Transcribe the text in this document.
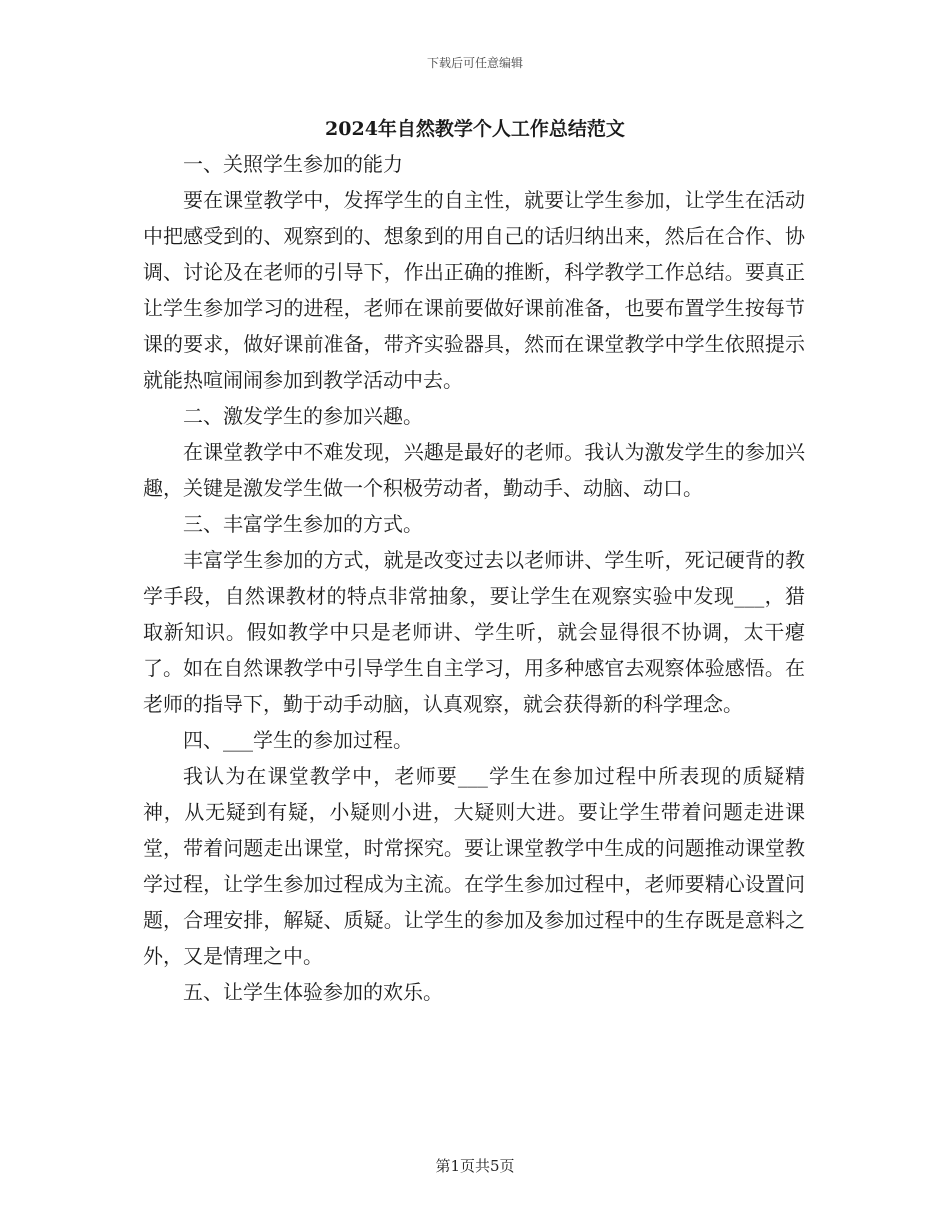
下载后可任意编辑
2024年自然教学个人工作总结范文

一、关照学生参加的能力

要在课堂教学中，发挥学生的自主性，就要让学生参加，让学生在活动中把感受到的、观察到的、想象到的用自己的话归纳出来，然后在合作、协调、讨论及在老师的引导下，作出正确的推断，科学教学工作总结。要真正让学生参加学习的进程，老师在课前要做好课前准备，也要布置学生按每节课的要求，做好课前准备，带齐实验器具，然而在课堂教学中学生依照提示就能热喧闹闹参加到教学活动中去。

二、激发学生的参加兴趣。

在课堂教学中不难发现，兴趣是最好的老师。我认为激发学生的参加兴趣，关键是激发学生做一个积极劳动者，勤动手、动脑、动口。

三、丰富学生参加的方式。

丰富学生参加的方式，就是改变过去以老师讲、学生听，死记硬背的教学手段，自然课教材的特点非常抽象，要让学生在观察实验中发现___，猎取新知识。假如教学中只是老师讲、学生听，就会显得很不协调，太干瘪了。如在自然课教学中引导学生自主学习，用多种感官去观察体验感悟。在老师的指导下，勤于动手动脑，认真观察，就会获得新的科学理念。

四、___学生的参加过程。

我认为在课堂教学中，老师要___学生在参加过程中所表现的质疑精神，从无疑到有疑，小疑则小进，大疑则大进。要让学生带着问题走进课堂，带着问题走出课堂，时常探究。要让课堂教学中生成的问题推动课堂教学过程，让学生参加过程成为主流。在学生参加过程中，老师要精心设置问题，合理安排，解疑、质疑。让学生的参加及参加过程中的生存既是意料之外，又是情理之中。

五、让学生体验参加的欢乐。

第1页共5页
